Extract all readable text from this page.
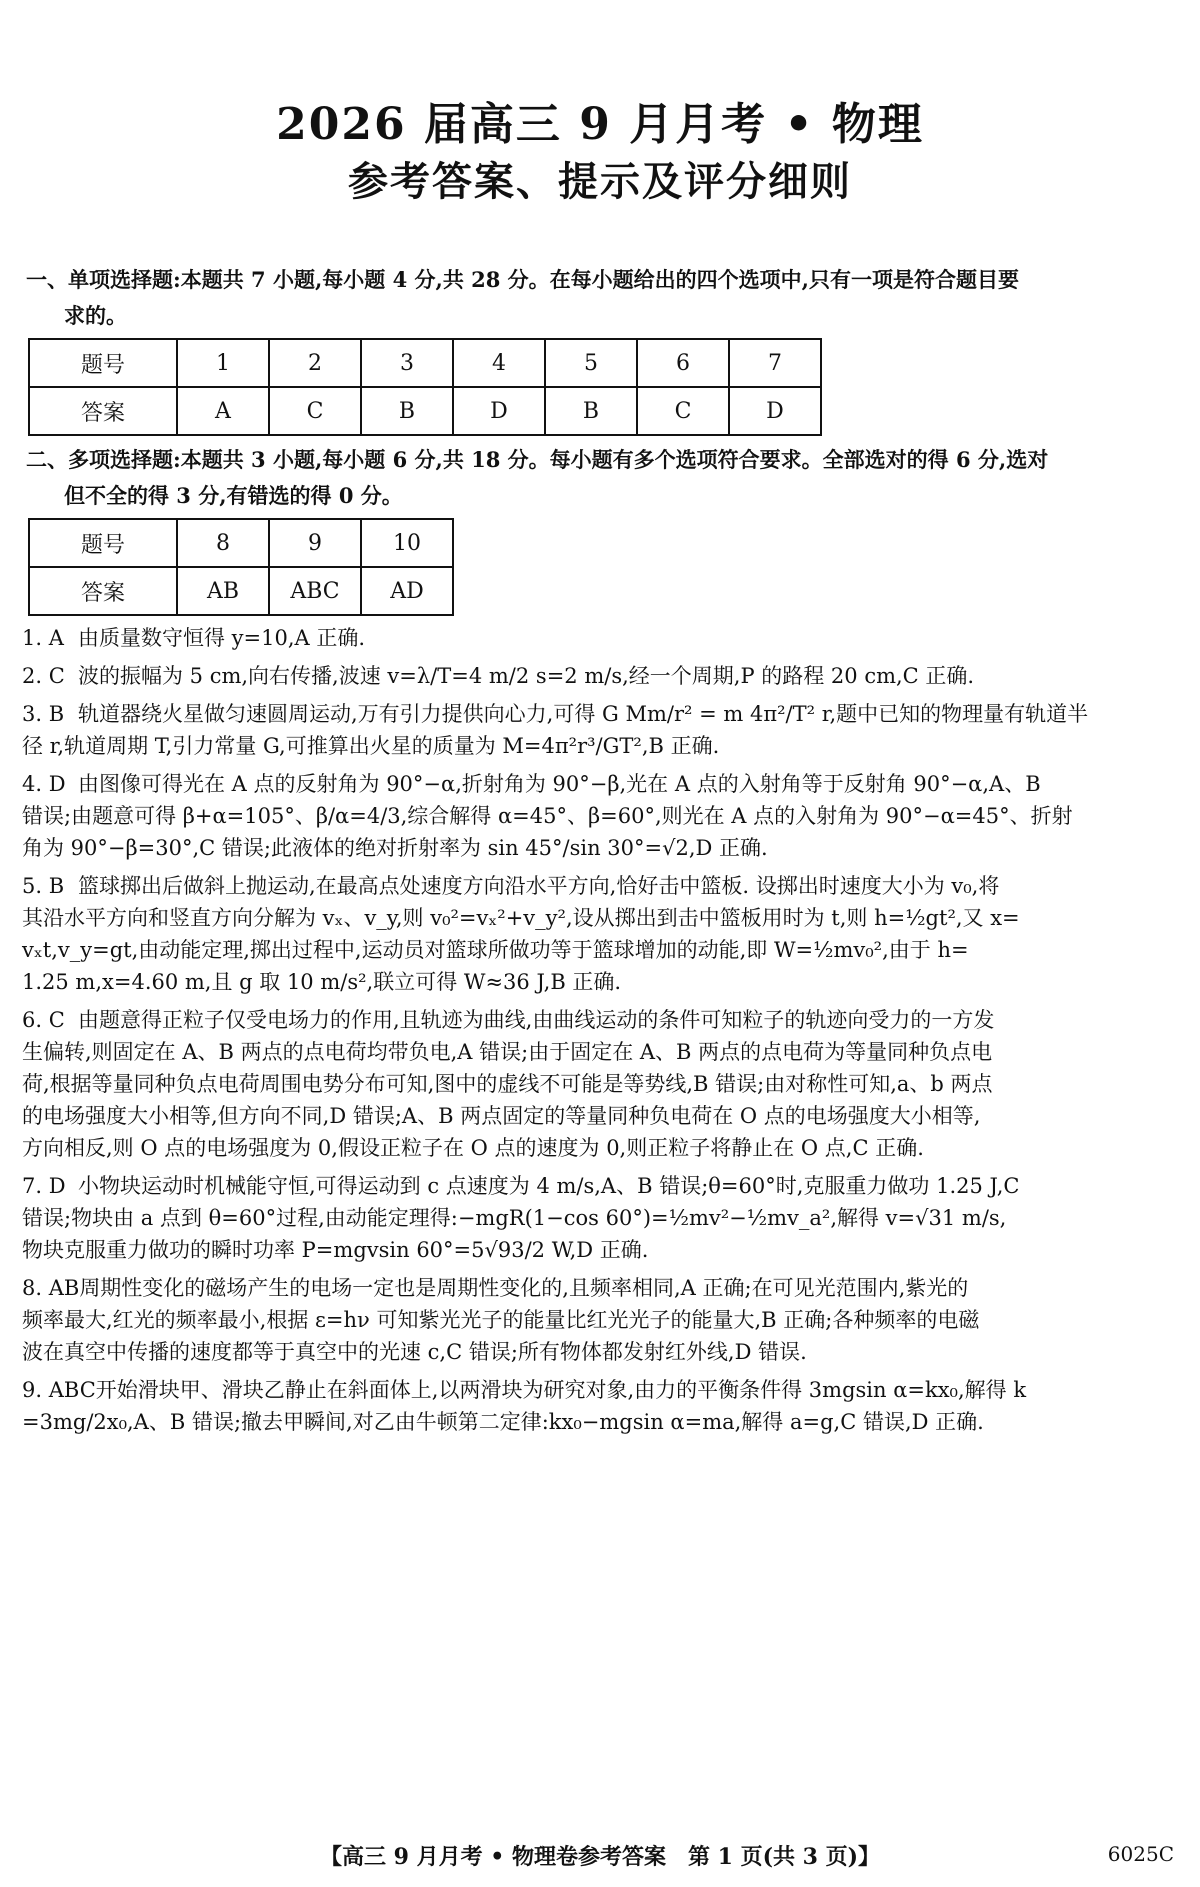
2026 届高三 9 月月考 • 物理
参考答案、提示及评分细则
一、单项选择题:本题共 7 小题,每小题 4 分,共 28 分。在每小题给出的四个选项中,只有一项是符合题目要
求的。
题号	1	2	3	4	5	6	7
答案	A	C	B	D	B	C	D
二、多项选择题:本题共 3 小题,每小题 6 分,共 18 分。每小题有多个选项符合要求。全部选对的得 6 分,选对
但不全的得 3 分,有错选的得 0 分。
题号	8	9	10
答案	AB	ABC	AD

1. A 由质量数守恒得 y=10,A 正确.

2. C 波的振幅为 5 cm,向右传播,波速 v=λ/T=4 m/2 s=2 m/s,经一个周期,P 的路程 20 cm,C 正确.

3. B 轨道器绕火星做匀速圆周运动,万有引力提供向心力,可得 G Mm/r² = m 4π²/T² r,题中已知的物理量有轨道半

径 r,轨道周期 T,引力常量 G,可推算出火星的质量为 M=4π²r³/GT²,B 正确.

4. D 由图像可得光在 A 点的反射角为 90°−α,折射角为 90°−β,光在 A 点的入射角等于反射角 90°−α,A、B

错误;由题意可得 β+α=105°、β/α=4/3,综合解得 α=45°、β=60°,则光在 A 点的入射角为 90°−α=45°、折射

角为 90°−β=30°,C 错误;此液体的绝对折射率为 sin 45°/sin 30°=√2,D 正确.

5. B 篮球掷出后做斜上抛运动,在最高点处速度方向沿水平方向,恰好击中篮板. 设掷出时速度大小为 v₀,将

其沿水平方向和竖直方向分解为 vₓ、v_y,则 v₀²=vₓ²+v_y²,设从掷出到击中篮板用时为 t,则 h=½gt²,又 x=

vₓt,v_y=gt,由动能定理,掷出过程中,运动员对篮球所做功等于篮球增加的动能,即 W=½mv₀²,由于 h=

1.25 m,x=4.60 m,且 g 取 10 m/s²,联立可得 W≈36 J,B 正确.

6. C 由题意得正粒子仅受电场力的作用,且轨迹为曲线,由曲线运动的条件可知粒子的轨迹向受力的一方发

生偏转,则固定在 A、B 两点的点电荷均带负电,A 错误;由于固定在 A、B 两点的点电荷为等量同种负点电

荷,根据等量同种负点电荷周围电势分布可知,图中的虚线不可能是等势线,B 错误;由对称性可知,a、b 两点

的电场强度大小相等,但方向不同,D 错误;A、B 两点固定的等量同种负电荷在 O 点的电场强度大小相等,

方向相反,则 O 点的电场强度为 0,假设正粒子在 O 点的速度为 0,则正粒子将静止在 O 点,C 正确.

7. D 小物块运动时机械能守恒,可得运动到 c 点速度为 4 m/s,A、B 错误;θ=60°时,克服重力做功 1.25 J,C

错误;物块由 a 点到 θ=60°过程,由动能定理得:−mgR(1−cos 60°)=½mv²−½mv_a²,解得 v=√31 m/s,

物块克服重力做功的瞬时功率 P=mgvsin 60°=5√93/2 W,D 正确.

8. AB周期性变化的磁场产生的电场一定也是周期性变化的,且频率相同,A 正确;在可见光范围内,紫光的

频率最大,红光的频率最小,根据 ε=hν 可知紫光光子的能量比红光光子的能量大,B 正确;各种频率的电磁

波在真空中传播的速度都等于真空中的光速 c,C 错误;所有物体都发射红外线,D 错误.

9. ABC开始滑块甲、滑块乙静止在斜面体上,以两滑块为研究对象,由力的平衡条件得 3mgsin α=kx₀,解得 k

=3mg/2x₀,A、B 错误;撤去甲瞬间,对乙由牛顿第二定律:kx₀−mgsin α=ma,解得 a=g,C 错误,D 正确.

【高三 9 月月考 • 物理卷参考答案　第 1 页(共 3 页)】	6025C
